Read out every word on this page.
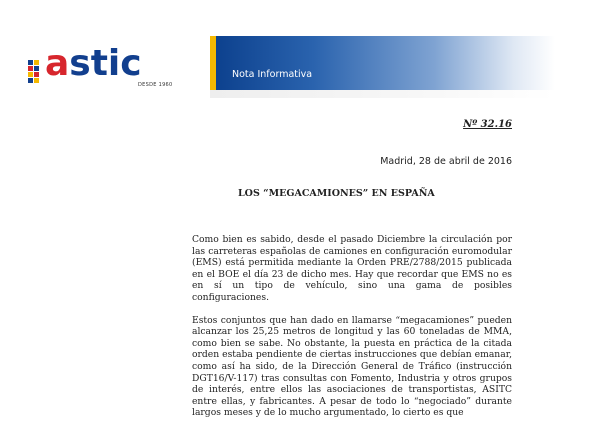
astic
DESDE 1960
Nota Informativa
Nº 32.16
Madrid, 28 de abril de 2016
LOS “MEGACAMIONES” EN ESPAÑA

Como bien es sabido, desde el pasado Diciembre la circulación por las carreteras españolas de camiones en configuración euromodular (EMS) está permitida mediante la Orden PRE/2788/2015 publicada en el BOE el día 23 de dicho mes. Hay que recordar que EMS no es en sí un tipo de vehículo, sino una gama de posibles configuraciones.

Estos conjuntos que han dado en llamarse “megacamiones” pueden alcanzar los 25,25 metros de longitud y las 60 toneladas de MMA, como bien se sabe. No obstante, la puesta en práctica de la citada orden estaba pendiente de ciertas instrucciones que debían emanar, como así ha sido, de la Dirección General de Tráfico (instrucción DGT16/V-117) tras consultas con Fomento, Industria y otros grupos de interés, entre ellos las asociaciones de transportistas, ASITC entre ellas, y fabricantes. A pesar de todo lo “negociado” durante largos meses y de lo mucho argumentado, lo cierto es que
